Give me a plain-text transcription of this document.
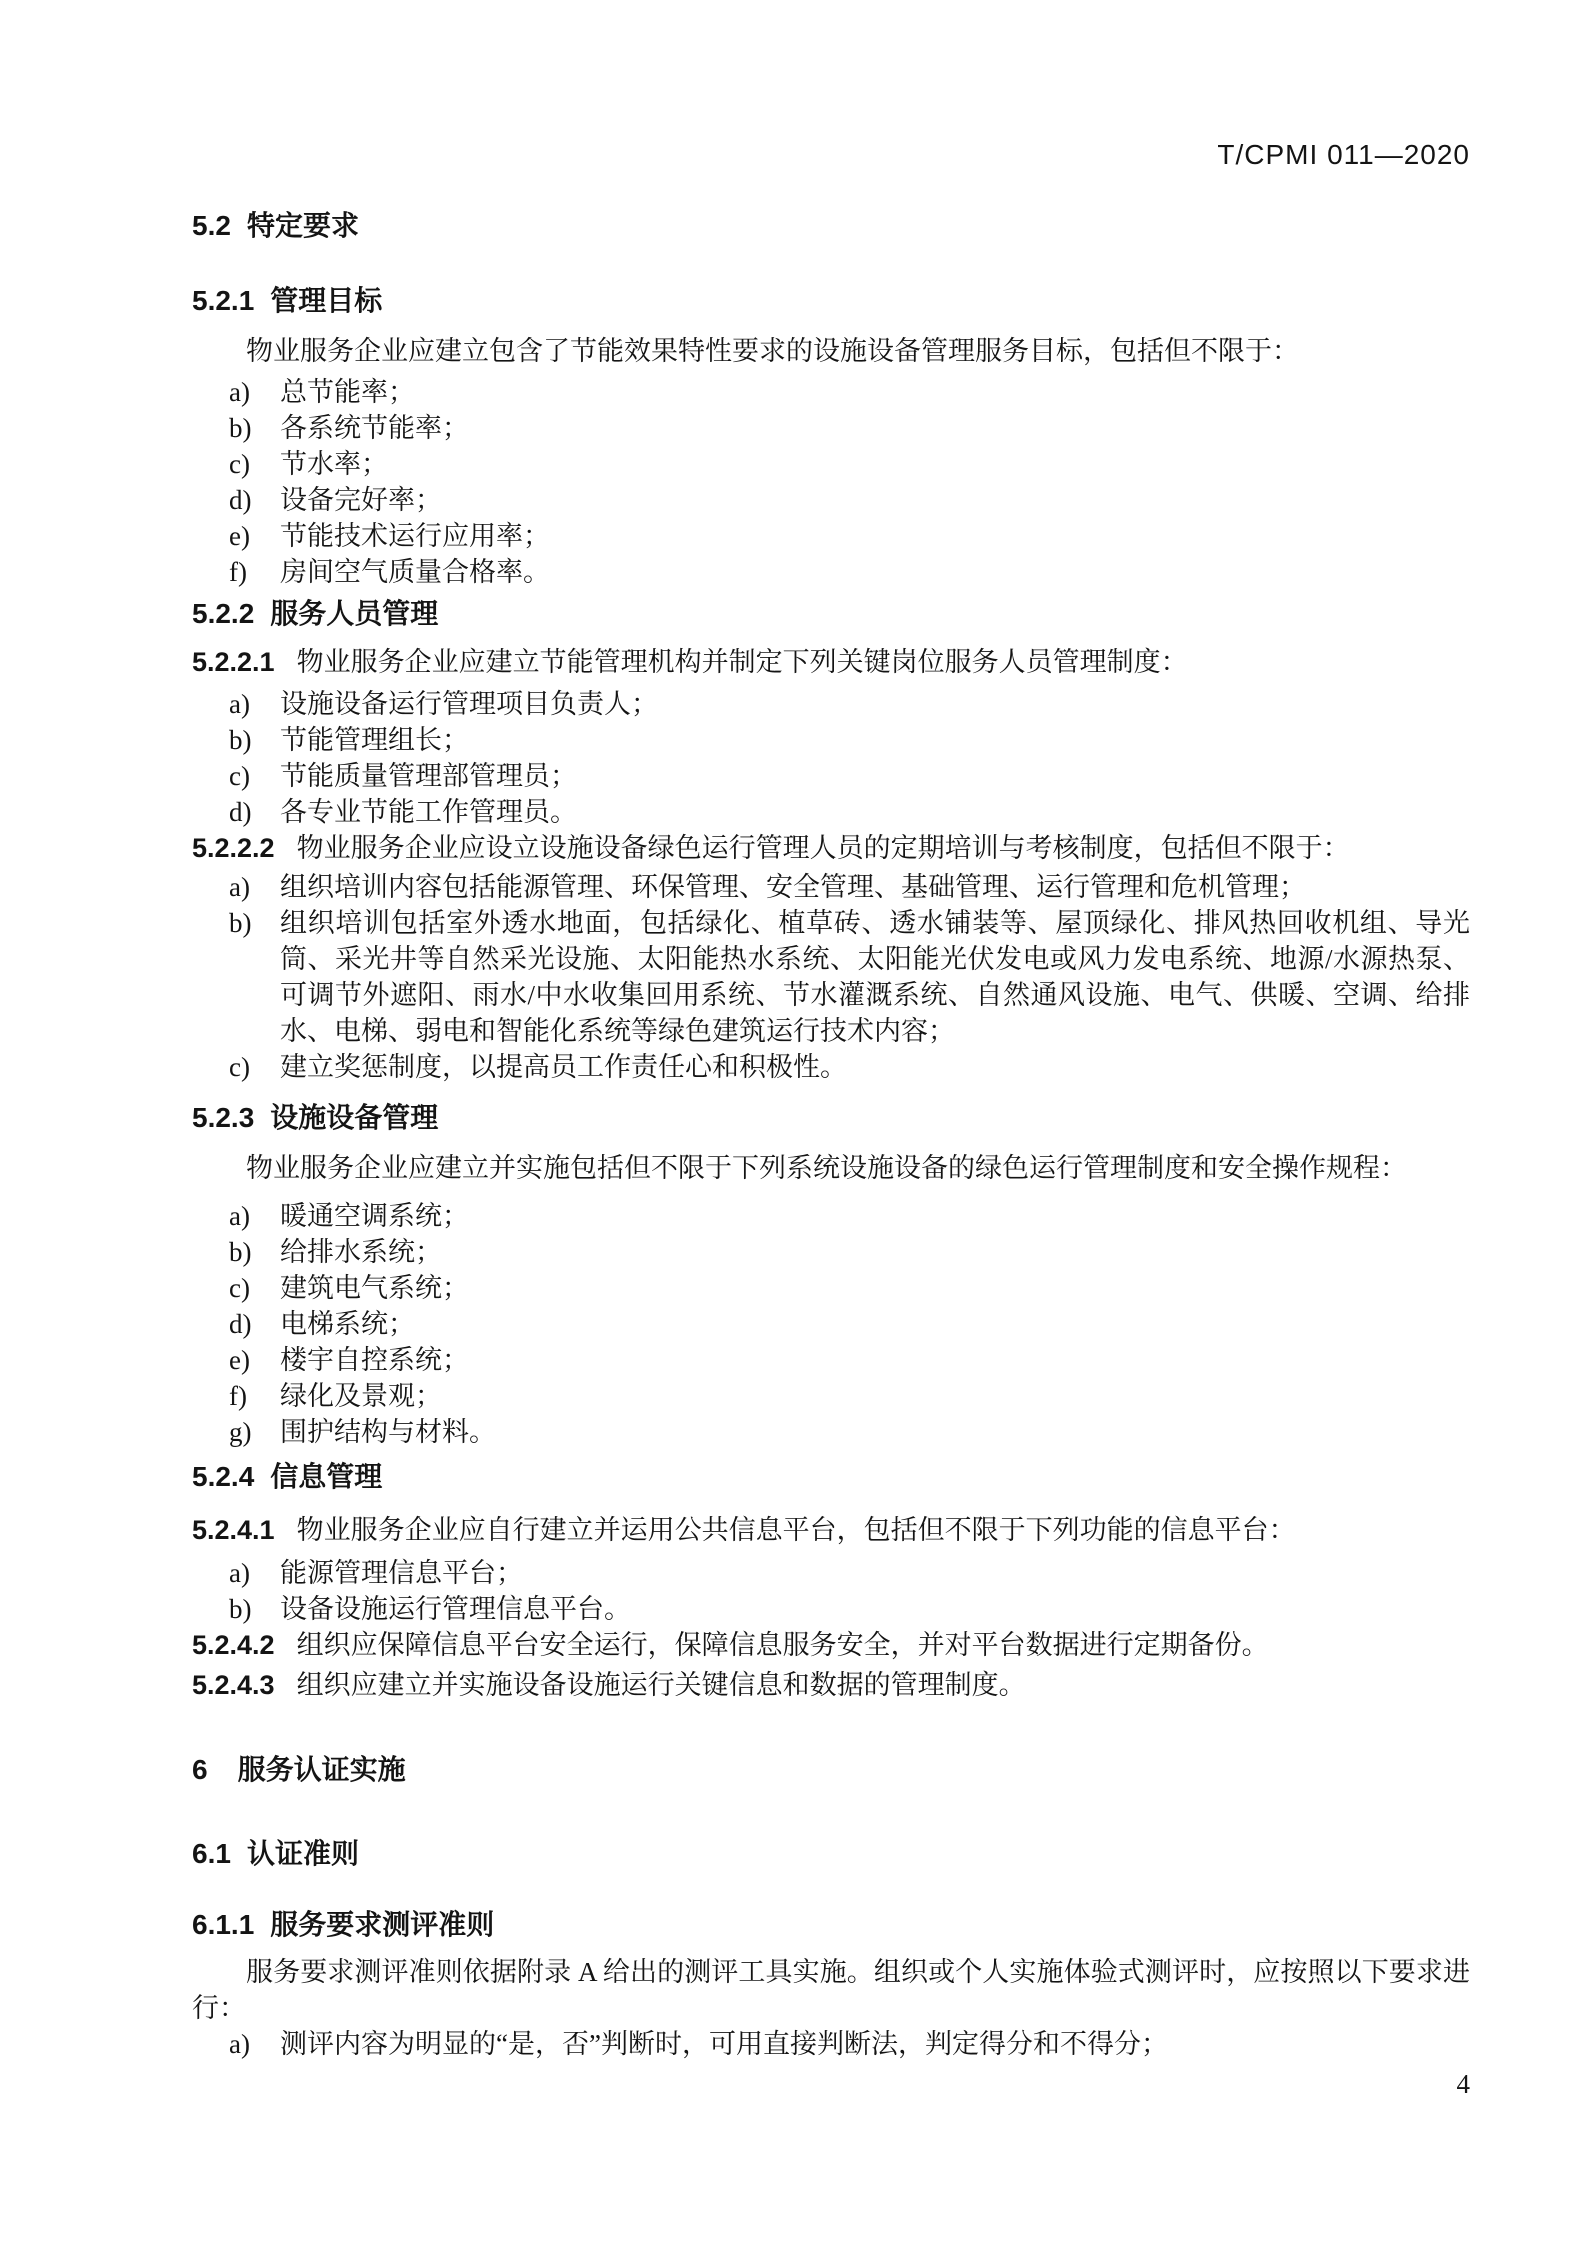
T/CPMI 011—2020
5.2 特定要求
5.2.1 管理目标

物业服务企业应建立包含了节能效果特性要求的设施设备管理服务目标，包括但不限于：

a) 总节能率；
b) 各系统节能率；
c) 节水率；
d) 设备完好率；
e) 节能技术运行应用率；
f) 房间空气质量合格率。
5.2.2 服务人员管理
5.2.2.1 物业服务企业应建立节能管理机构并制定下列关键岗位服务人员管理制度：
a) 设施设备运行管理项目负责人；
b) 节能管理组长；
c) 节能质量管理部管理员；
d) 各专业节能工作管理员。
5.2.2.2 物业服务企业应设立设施设备绿色运行管理人员的定期培训与考核制度，包括但不限于：
a) 组织培训内容包括能源管理、环保管理、安全管理、基础管理、运行管理和危机管理；
b) 组织培训包括室外透水地面，包括绿化、植草砖、透水铺装等、屋顶绿化、排风热回收机组、导光筒、采光井等自然采光设施、太阳能热水系统、太阳能光伏发电或风力发电系统、地源/水源热泵、可调节外遮阳、雨水/中水收集回用系统、节水灌溉系统、自然通风设施、电气、供暖、空调、给排水、电梯、弱电和智能化系统等绿色建筑运行技术内容；
c) 建立奖惩制度，以提高员工作责任心和积极性。
5.2.3 设施设备管理

物业服务企业应建立并实施包括但不限于下列系统设施设备的绿色运行管理制度和安全操作规程：

a) 暖通空调系统；
b) 给排水系统；
c) 建筑电气系统；
d) 电梯系统；
e) 楼宇自控系统；
f) 绿化及景观；
g) 围护结构与材料。
5.2.4 信息管理
5.2.4.1 物业服务企业应自行建立并运用公共信息平台，包括但不限于下列功能的信息平台：
a) 能源管理信息平台；
b) 设备设施运行管理信息平台。
5.2.4.2 组织应保障信息平台安全运行，保障信息服务安全，并对平台数据进行定期备份。
5.2.4.3 组织应建立并实施设备设施运行关键信息和数据的管理制度。
6 服务认证实施
6.1 认证准则
6.1.1 服务要求测评准则

服务要求测评准则依据附录 A 给出的测评工具实施。组织或个人实施体验式测评时，应按照以下要求进行：

a) 测评内容为明显的“是，否”判断时，可用直接判断法，判定得分和不得分；
4
